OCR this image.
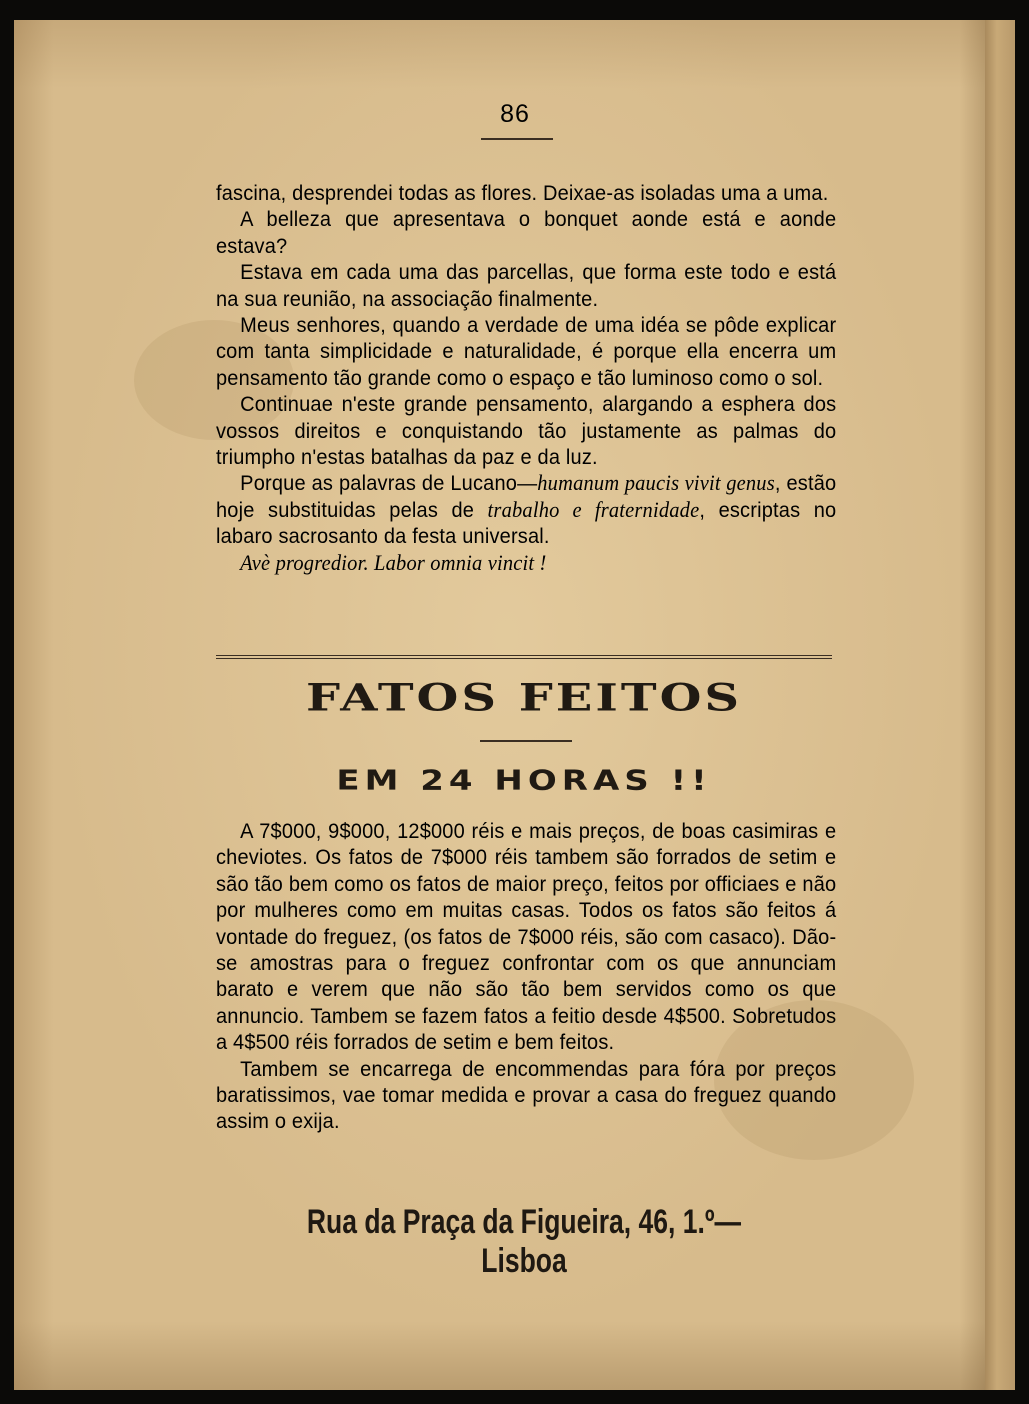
86

fascina, desprendei todas as flores. Deixae-as isoladas uma a uma.

A belleza que apresentava o bonquet aonde está e aonde estava?

Estava em cada uma das parcellas, que forma este todo e está na sua reunião, na associação finalmente.

Meus senhores, quando a verdade de uma idéa se pôde explicar com tanta simplicidade e naturalidade, é porque ella encerra um pensamento tão grande como o espaço e tão luminoso como o sol.

Continuae n'este grande pensamento, alargando a esphera dos vossos direitos e conquistando tão justamente as palmas do triumpho n'estas batalhas da paz e da luz.

Porque as palavras de Lucano—humanum paucis vivit genus, estão hoje substituidas pelas de trabalho e fraternidade, escriptas no labaro sacrosanto da festa universal.

Avè progredior. Labor omnia vincit !

FATOS FEITOS
EM 24 HORAS !!

A 7$000, 9$000, 12$000 réis e mais preços, de boas casimiras e cheviotes. Os fatos de 7$000 réis tambem são forrados de setim e são tão bem como os fatos de maior preço, feitos por officiaes e não por mulheres como em muitas casas. Todos os fatos são feitos á vontade do freguez, (os fatos de 7$000 réis, são com casaco). Dão-se amostras para o freguez confrontar com os que annunciam barato e verem que não são tão bem servidos como os que annuncio. Tambem se fazem fatos a feitio desde 4$500. Sobretudos a 4$500 réis forrados de setim e bem feitos.

Tambem se encarrega de encommendas para fóra por preços baratissimos, vae tomar medida e provar a casa do freguez quando assim o exija.

Rua da Praça da Figueira, 46, 1.º—Lisboa
